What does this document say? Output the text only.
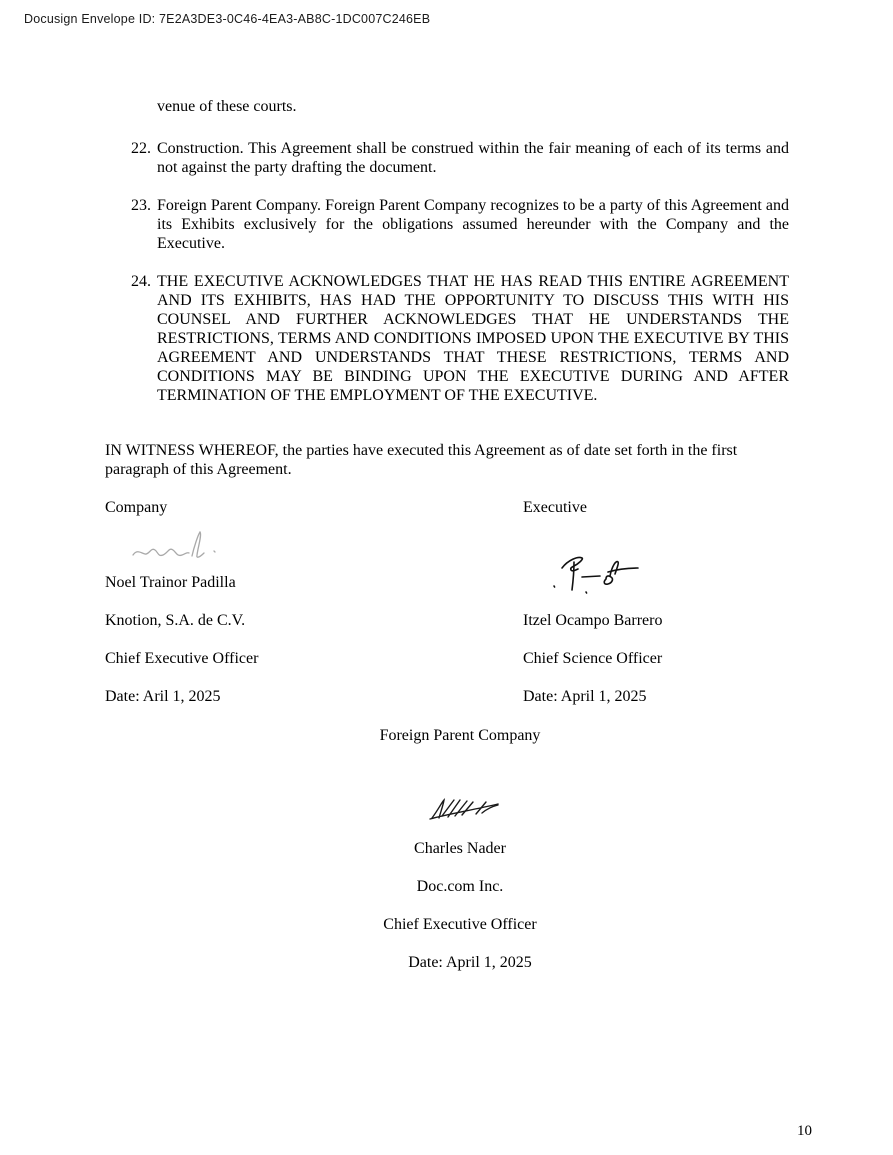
Docusign Envelope ID: 7E2A3DE3-0C46-4EA3-AB8C-1DC007C246EB
venue of these courts.
22. Construction. This Agreement shall be construed within the fair meaning of each of its terms and not against the party drafting the document.
23. Foreign Parent Company. Foreign Parent Company recognizes to be a party of this Agreement and its Exhibits exclusively for the obligations assumed hereunder with the Company and the Executive.
24. THE EXECUTIVE ACKNOWLEDGES THAT HE HAS READ THIS ENTIRE AGREEMENT AND ITS EXHIBITS, HAS HAD THE OPPORTUNITY TO DISCUSS THIS WITH HIS COUNSEL AND FURTHER ACKNOWLEDGES THAT HE UNDERSTANDS THE RESTRICTIONS, TERMS AND CONDITIONS IMPOSED UPON THE EXECUTIVE BY THIS AGREEMENT AND UNDERSTANDS THAT THESE RESTRICTIONS, TERMS AND CONDITIONS MAY BE BINDING UPON THE EXECUTIVE DURING AND AFTER TERMINATION OF THE EMPLOYMENT OF THE EXECUTIVE.
IN WITNESS WHEREOF, the parties have executed this Agreement as of date set forth in the first paragraph of this Agreement.
Company	Executive
Noel Trainor Padilla
Knotion, S.A. de C.V.
Chief Executive Officer
Date: Aril 1, 2025
Itzel Ocampo Barrero
Chief Science Officer
Date: April 1, 2025
Foreign Parent Company
Charles Nader
Doc.com Inc.
Chief Executive Officer
Date: April 1, 2025
10
